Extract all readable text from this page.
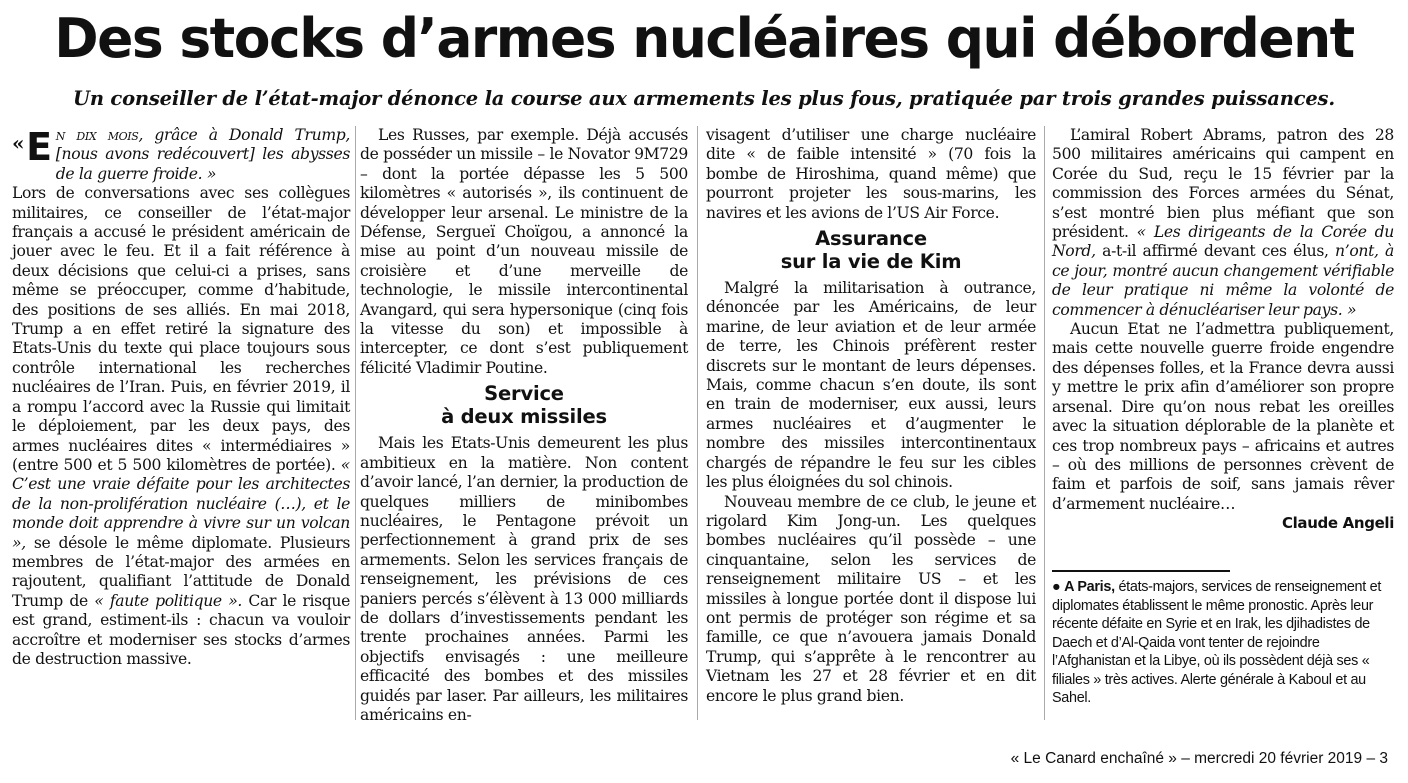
Des stocks d’armes nucléaires qui débordent
Un conseiller de l’état-major dénonce la course aux armements les plus fous, pratiquée par trois grandes puissances.

« E n dix mois, grâce à Donald Trump, [nous avons redécouvert] les abysses de la guerre froide. »

Lors de conversations avec ses collègues militaires, ce conseiller de l’état-major français a accusé le président américain de jouer avec le feu. Et il a fait référence à deux décisions que celui-ci a prises, sans même se préoccuper, comme d’habitude, des positions de ses alliés. En mai 2018, Trump a en effet retiré la signature des Etats-Unis du texte qui place toujours sous contrôle international les recherches nucléaires de l’Iran. Puis, en février 2019, il a rompu l’accord avec la Russie qui limitait le déploiement, par les deux pays, des armes nucléaires dites « intermédiaires » (entre 500 et 5 500 kilomètres de portée). « C’est une vraie défaite pour les architectes de la non-prolifération nucléaire (…), et le monde doit apprendre à vivre sur un volcan », se désole le même diplomate. Plusieurs membres de l’état-major des armées en rajoutent, qualifiant l’attitude de Donald Trump de « faute politique ». Car le risque est grand, estiment-ils : chacun va vouloir accroître et moderniser ses stocks d’armes de destruction massive.

Les Russes, par exemple. Déjà accusés de posséder un missile – le Novator 9M729 – dont la portée dépasse les 5 500 kilomètres « autorisés », ils continuent de développer leur arsenal. Le ministre de la Défense, Sergueï Choïgou, a annoncé la mise au point d’un nouveau missile de croisière et d’une merveille de technologie, le missile intercontinental Avangard, qui sera hypersonique (cinq fois la vitesse du son) et impossible à intercepter, ce dont s’est publiquement félicité Vladimir Poutine.

Service
à deux missiles

Mais les Etats-Unis demeurent les plus ambitieux en la matière. Non content d’avoir lancé, l’an dernier, la production de quelques milliers de minibombes nucléaires, le Pentagone prévoit un perfectionnement à grand prix de ses armements. Selon les services français de renseignement, les prévisions de ces paniers percés s’élèvent à 13 000 milliards de dollars d’investissements pendant les trente prochaines années. Parmi les objectifs envisagés : une meilleure efficacité des bombes et des missiles guidés par laser. Par ailleurs, les militaires américains en-

visagent d’utiliser une charge nucléaire dite « de faible intensité » (70 fois la bombe de Hiroshima, quand même) que pourront projeter les sous-marins, les navires et les avions de l’US Air Force.

Assurance
sur la vie de Kim

Malgré la militarisation à outrance, dénoncée par les Américains, de leur marine, de leur aviation et de leur armée de terre, les Chinois préfèrent rester discrets sur le montant de leurs dépenses. Mais, comme chacun s’en doute, ils sont en train de moderniser, eux aussi, leurs armes nucléaires et d’augmenter le nombre des missiles intercontinentaux chargés de répandre le feu sur les cibles les plus éloignées du sol chinois.

Nouveau membre de ce club, le jeune et rigolard Kim Jong-un. Les quelques bombes nucléaires qu’il possède – une cinquantaine, selon les services de renseignement militaire US – et les missiles à longue portée dont il dispose lui ont permis de protéger son régime et sa famille, ce que n’avouera jamais Donald Trump, qui s’apprête à le rencontrer au Vietnam les 27 et 28 février et en dit encore le plus grand bien.

L’amiral Robert Abrams, patron des 28 500 militaires américains qui campent en Corée du Sud, reçu le 15 février par la commission des Forces armées du Sénat, s’est montré bien plus méfiant que son président. « Les dirigeants de la Corée du Nord, a-t-il affirmé devant ces élus, n’ont, à ce jour, montré aucun changement vérifiable de leur pratique ni même la volonté de commencer à dénucléariser leur pays. »

Aucun Etat ne l’admettra publiquement, mais cette nouvelle guerre froide engendre des dépenses folles, et la France devra aussi y mettre le prix afin d’améliorer son propre arsenal. Dire qu’on nous rebat les oreilles avec la situation déplorable de la planète et ces trop nombreux pays – africains et autres – où des millions de personnes crèvent de faim et parfois de soif, sans jamais rêver d’armement nucléaire…

Claude Angeli
● A Paris, états-majors, services de renseignement et diplomates établissent le même pronostic. Après leur récente défaite en Syrie et en Irak, les djihadistes de Daech et d’Al-Qaida vont tenter de rejoindre l’Afghanistan et la Libye, où ils possèdent déjà ses « filiales » très actives. Alerte générale à Kaboul et au Sahel.
« Le Canard enchaîné » – mercredi 20 février 2019 – 3
